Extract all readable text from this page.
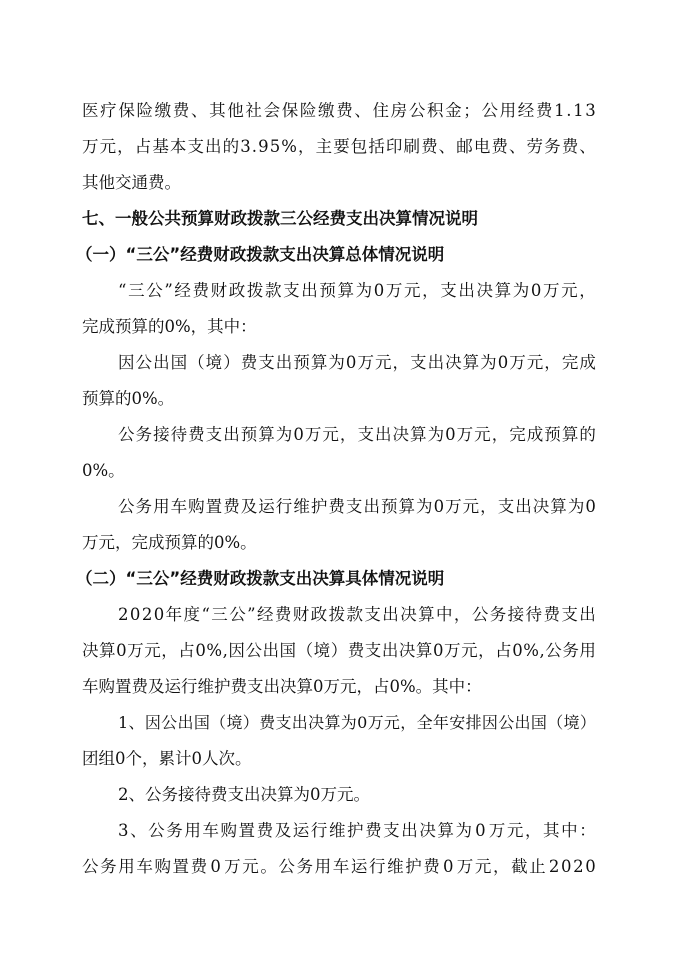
医 疗 保 险 缴 费 、 其 他 社 会 保 险 缴 费 、 住 房 公 积 金 ； 公 用 经 费 1 . 1 3

万 元 ， 占 基 本 支 出 的 3 . 9 5 % ， 主 要 包 括 印 刷 费 、 邮 电 费 、 劳 务 费 、

其他交通费。

七、一般公共预算财政拨款三公经费支出决算情况说明

（一）“三公”经费财政拨款支出决算总体情况说明

“ 三 公 ” 经 费 财 政 拨 款 支 出 预 算 为 0 万 元 ， 支 出 决 算 为 0 万 元 ，

完成预算的0%，其中：

因 公 出 国 （ 境 ） 费 支 出 预 算 为 0 万 元 ， 支 出 决 算 为 0 万 元 ， 完 成

预算的0%。

公 务 接 待 费 支 出 预 算 为 0 万 元 ， 支 出 决 算 为 0 万 元 ， 完 成 预 算 的

0%。

公 务 用 车 购 置 费 及 运 行 维 护 费 支 出 预 算 为 0 万 元 ， 支 出 决 算 为 0

万元，完成预算的0%。

（二）“三公”经费财政拨款支出决算具体情况说明

2 0 2 0 年 度 “ 三 公 ” 经 费 财 政 拨 款 支 出 决 算 中 ， 公 务 接 待 费 支 出

决 算 0 万 元 ， 占 0 % , 因 公 出 国 （ 境 ） 费 支 出 决 算 0 万 元 ， 占 0 % , 公 务 用

车购置费及运行维护费支出决算0万元，占0%。其中：

1 、 因 公 出 国 （ 境 ） 费 支 出 决 算 为 0 万 元 ， 全 年 安 排 因 公 出 国 （ 境 ）

团组0个，累计0人次。

2、公务接待费支出决算为0万元。

3 、 公 务 用 车 购 置 费 及 运 行 维 护 费 支 出 决 算 为 0 万 元 ， 其 中 ：

公 务 用 车 购 置 费 0 万 元 。 公 务 用 车 运 行 维 护 费 0 万 元 ， 截 止 2 0 2 0
